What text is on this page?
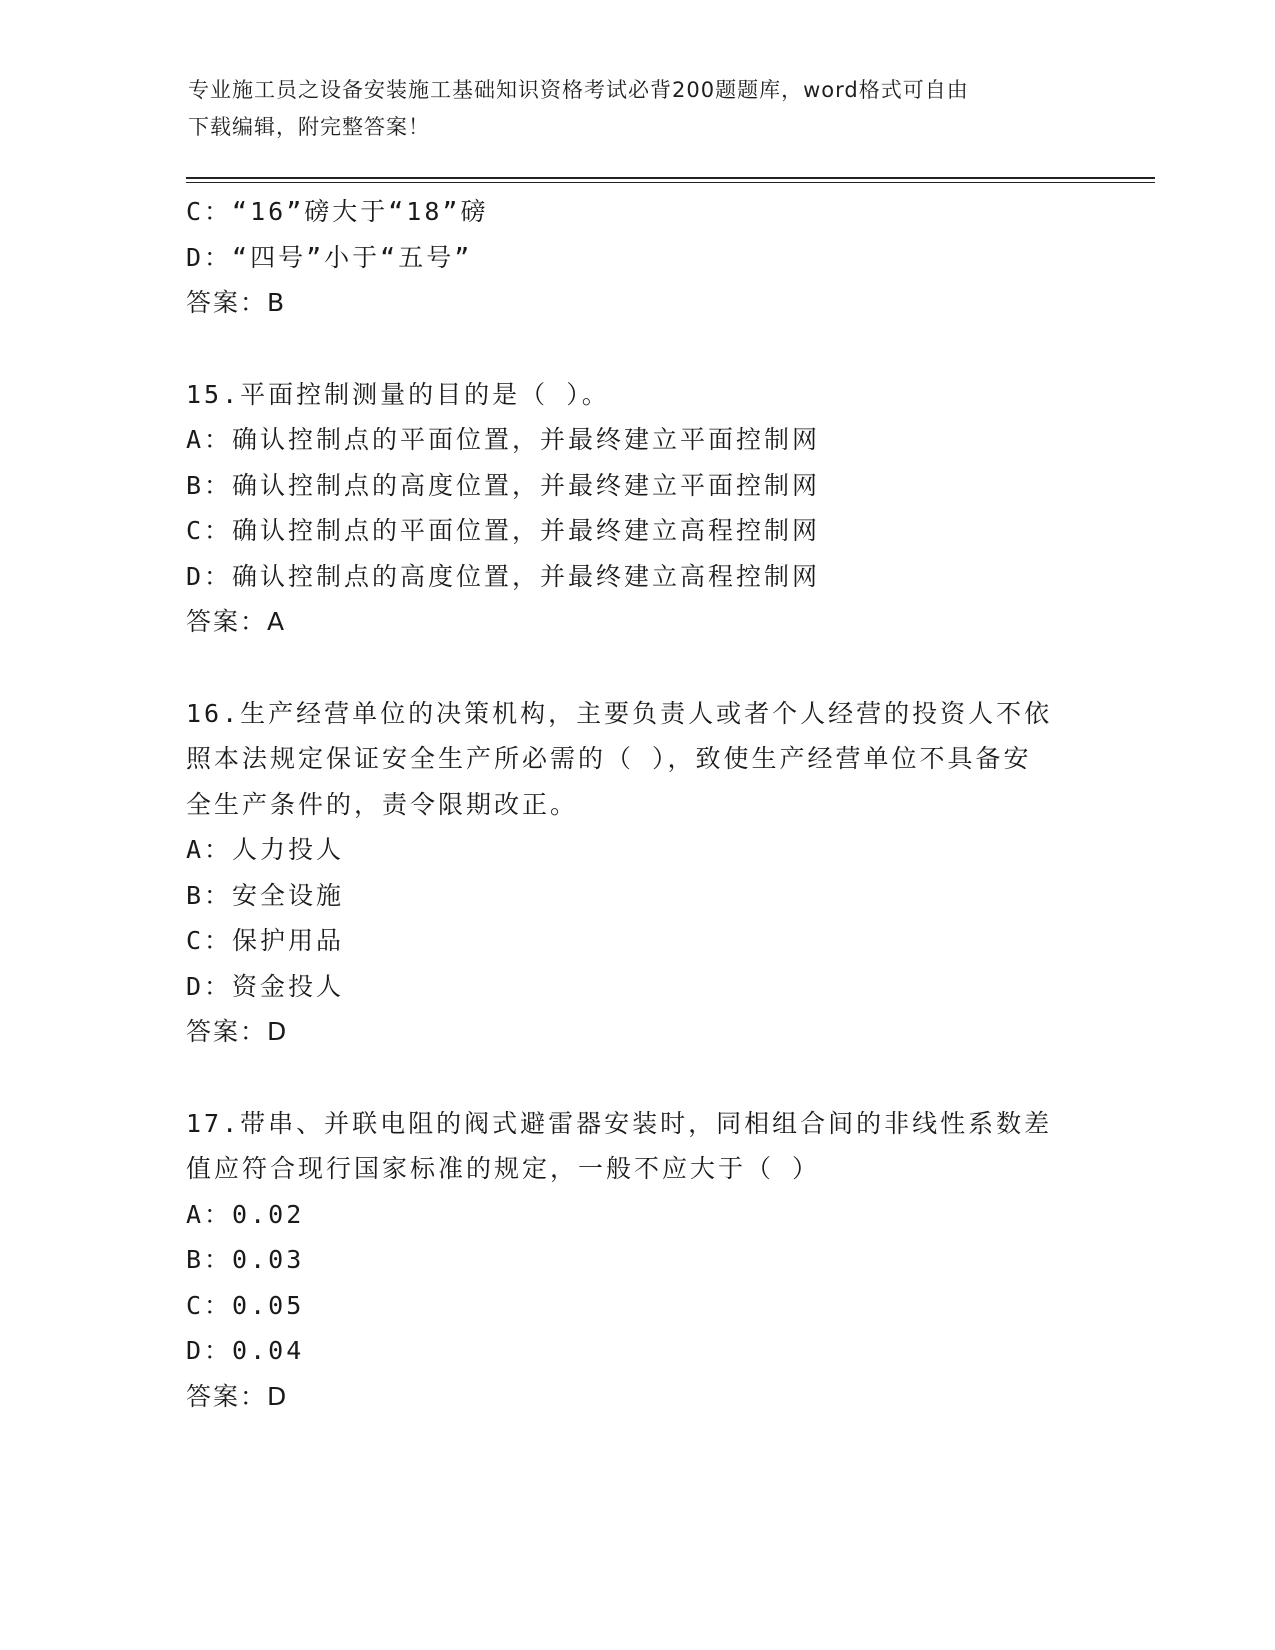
专业施工员之设备安装施工基础知识资格考试必背200题题库，word格式可自由
下载编辑，附完整答案！
C：“16”磅大于“18”磅
D：“四号”小于“五号”
答案：B
15.平面控制测量的目的是（ ）。
A：确认控制点的平面位置，并最终建立平面控制网
B：确认控制点的高度位置，并最终建立平面控制网
C：确认控制点的平面位置，并最终建立高程控制网
D：确认控制点的高度位置，并最终建立高程控制网
答案：A
16.生产经营单位的决策机构，主要负责人或者个人经营的投资人不依
照本法规定保证安全生产所必需的（ ），致使生产经营单位不具备安
全生产条件的，责令限期改正。
A：人力投人
B：安全设施
C：保护用品
D：资金投人
答案：D
17.带串、并联电阻的阀式避雷器安装时，同相组合间的非线性系数差
值应符合现行国家标准的规定，一般不应大于（ ）
A：0.02
B：0.03
C：0.05
D：0.04
答案：D
